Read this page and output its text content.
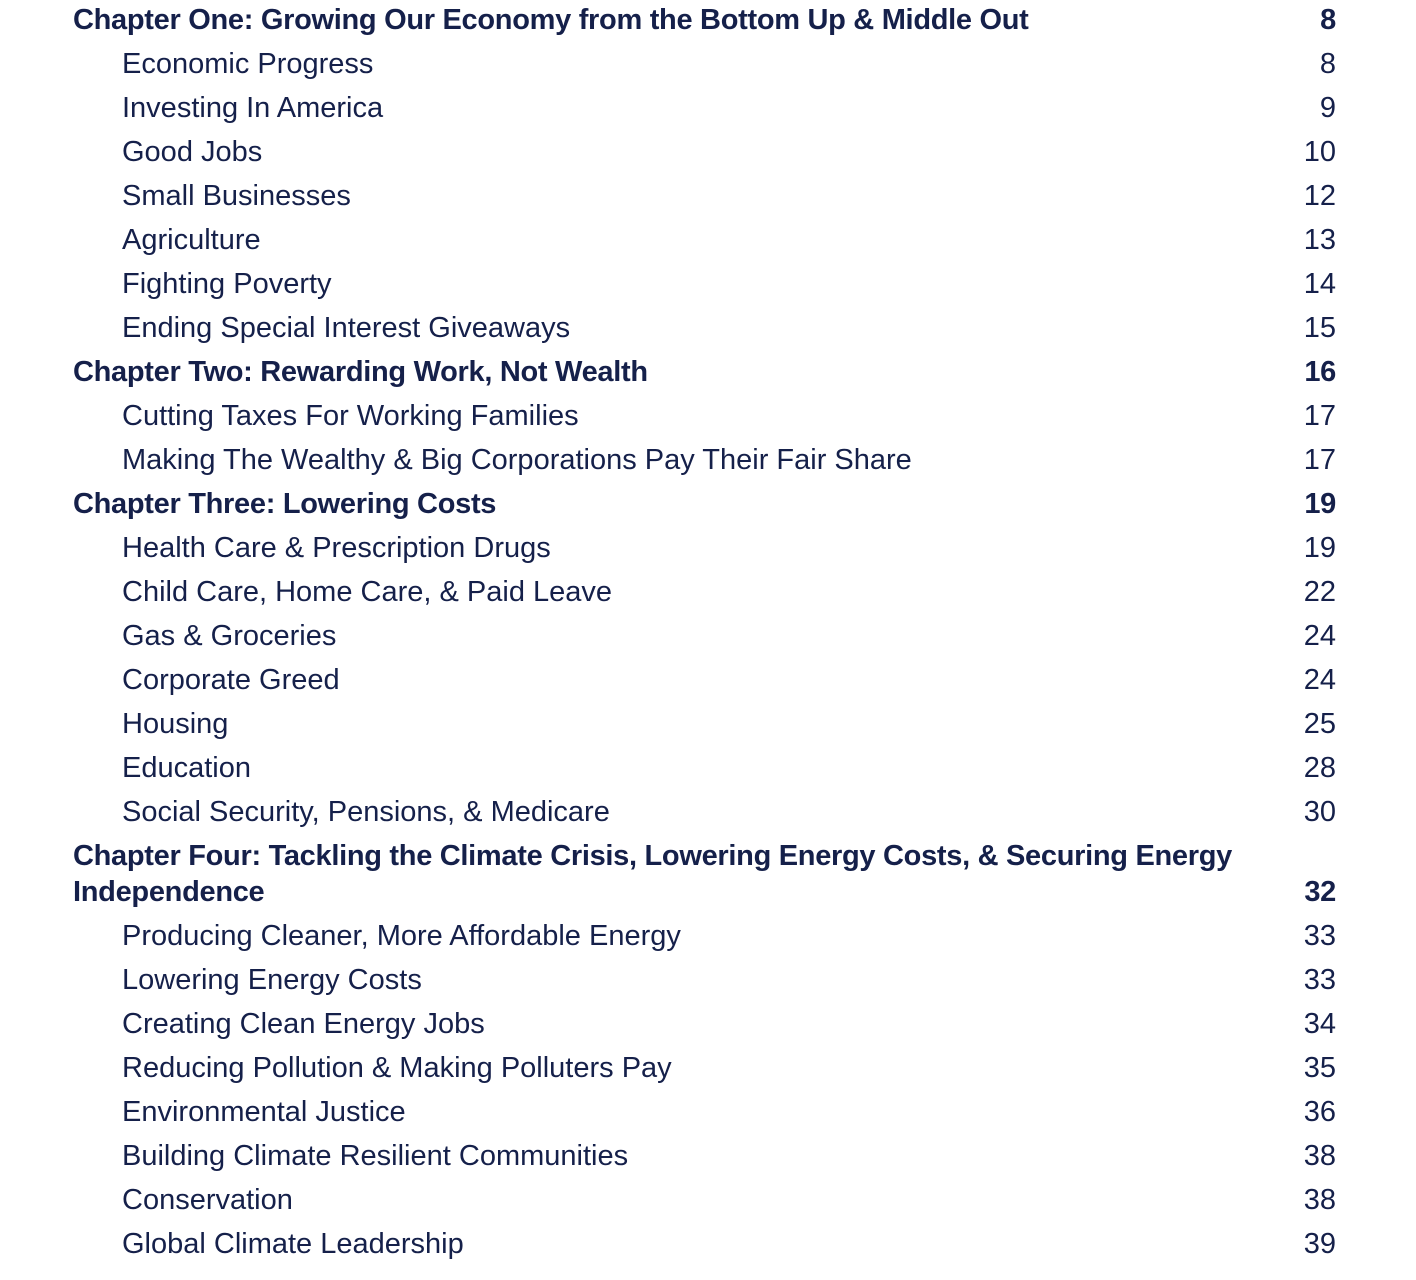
Chapter One: Growing Our Economy from the Bottom Up & Middle Out	8
Economic Progress	8
Investing In America	9
Good Jobs	10
Small Businesses	12
Agriculture	13
Fighting Poverty	14
Ending Special Interest Giveaways	15
Chapter Two: Rewarding Work, Not Wealth	16
Cutting Taxes For Working Families	17
Making The Wealthy & Big Corporations Pay Their Fair Share	17
Chapter Three: Lowering Costs	19
Health Care & Prescription Drugs	19
Child Care, Home Care, & Paid Leave	22
Gas & Groceries	24
Corporate Greed	24
Housing	25
Education	28
Social Security, Pensions, & Medicare	30
Chapter Four: Tackling the Climate Crisis, Lowering Energy Costs, & Securing Energy Independence	32
Producing Cleaner, More Affordable Energy	33
Lowering Energy Costs	33
Creating Clean Energy Jobs	34
Reducing Pollution & Making Polluters Pay	35
Environmental Justice	36
Building Climate Resilient Communities	38
Conservation	38
Global Climate Leadership	39
